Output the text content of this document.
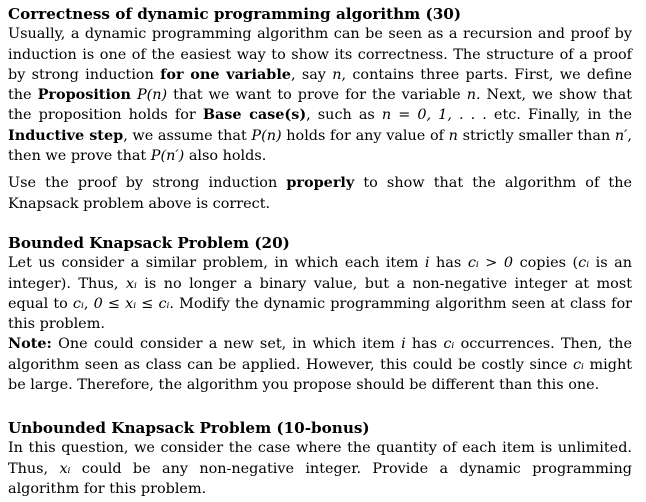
Correctness of dynamic programming algorithm (30)

Usually, a dynamic programming algorithm can be seen as a recursion and proof by induction is one of the easiest way to show its correctness. The structure of a proof by strong induction for one variable, say n, contains three parts. First, we define the Proposition P(n) that we want to prove for the variable n. Next, we show that the proposition holds for Base case(s), such as n = 0, 1, . . . etc. Finally, in the Inductive step, we assume that P(n) holds for any value of n strictly smaller than n′, then we prove that P(n′) also holds.

Use the proof by strong induction properly to show that the algorithm of the Knapsack problem above is correct.

Bounded Knapsack Problem (20)

Let us consider a similar problem, in which each item i has cᵢ > 0 copies (cᵢ is an integer). Thus, xᵢ is no longer a binary value, but a non-negative integer at most equal to cᵢ, 0 ≤ xᵢ ≤ cᵢ. Modify the dynamic programming algorithm seen at class for this problem.

Note: One could consider a new set, in which item i has cᵢ occurrences. Then, the algorithm seen as class can be applied. However, this could be costly since cᵢ might be large. Therefore, the algorithm you propose should be different than this one.

Unbounded Knapsack Problem (10-bonus)

In this question, we consider the case where the quantity of each item is unlimited. Thus, xᵢ could be any non-negative integer. Provide a dynamic programming algorithm for this problem.
